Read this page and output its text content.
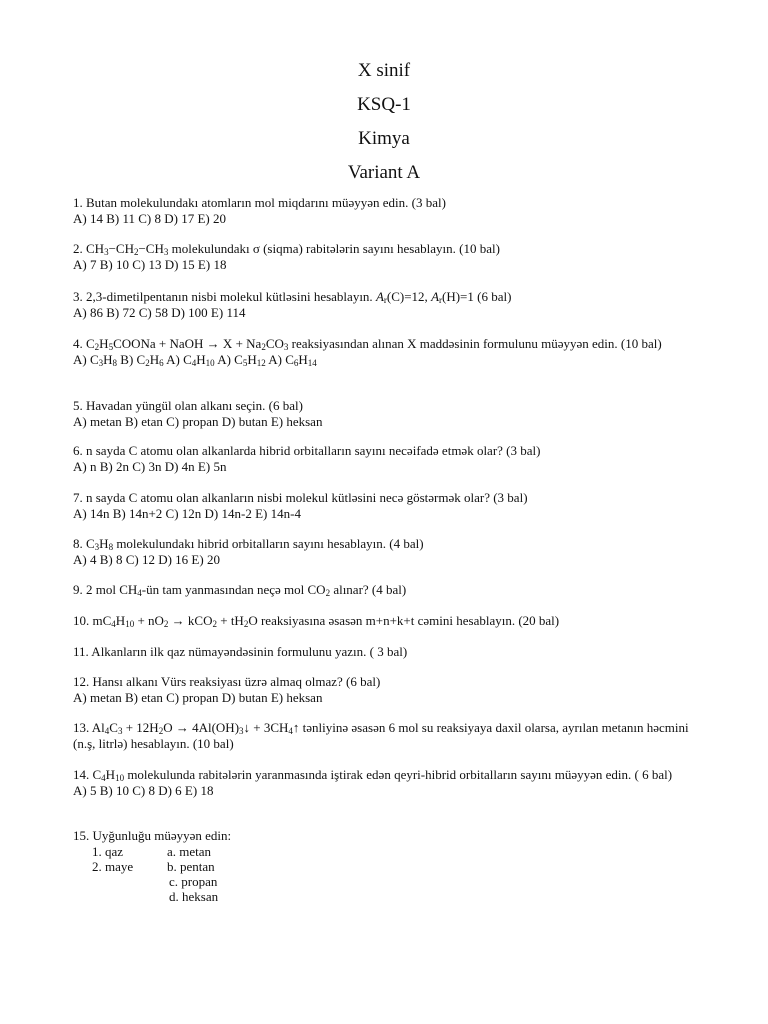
X sinif
KSQ-1
Kimya
Variant A
1. Butan molekulundakı atomların mol miqdarını müəyyən edin. (3 bal)
A) 14 B) 11 C) 8 D) 17 E) 20
2. $CH_3-CH_2-CH_3$ molekulundakı σ (siqma) rabitələrin sayını hesablayın. (10 bal)
A) 7 B) 10 C) 13 D) 15 E) 18
3. 2,3-dimetilpentanın nisbi molekul kütləsini hesablayın. $A_r(C)=12$, $A_r(H)=1$ (6 bal)
A) 86 B) 72 C) 58 D) 100 E) 114
4. $C_2H_5COONa$ + NaOH → $X + Na_2CO_3$ reaksiyasından alınan X maddəsinin formulunu müəyyən edin. (10 bal)
A) $C_3H_8$ B) $C_2H_6$ A) $C_4H_{10}$ A) $C_5H_{12}$ A) $C_6H_{14}$
5. Havadan yüngül olan alkanı seçin. (6 bal)
A) metan B) etan C) propan D) butan E) heksan
6. n sayda C atomu olan alkanlarda hibrid orbitalların sayını necəifadə etmək olar? (3 bal)
A) n B) 2n C) 3n D) 4n E) 5n
7. n sayda C atomu olan alkanların nisbi molekul kütləsini necə göstərmək olar? (3 bal)
A) 14n B) 14n+2 C) 12n D) 14n-2 E) 14n-4
8. $C_3H_8$ molekulundakı hibrid orbitalların sayını hesablayın. (4 bal)
A) 4 B) 8 C) 12 D) 16 E) 20
9. 2 mol $CH_4-ün$ tam yanmasından neçə mol $CO_2$ alınar? (4 bal)
10. $mC_4H_{10} + nO_2 \to kCO_2 + tH_2O$ reaksiyasına əsasən m+n+k+t cəmini hesablayın. (20 bal)
11. Alkanların ilk qaz nümayəndəsinin formulunu yazın. ( 3 bal)
12. Hansı alkanı Vürs reaksiyası üzrə almaq olmaz? (6 bal)
A) metan B) etan C) propan D) butan E) heksan
13. $Al_4C_3 + 12H_2O$ → $4Al(OH)_3↓$ + $3CH_4↑$ tənliyinə əsasən 6 mol su reaksiyaya daxil olarsa, ayrılan metanın həcmini (n.ş, litrlə) hesablayın. (10 bal)
14. $C_4H_{10}$ molekulunda rabitələrin yaranmasında iştirak edən qeyri-hibrid orbitalların sayını müəyyən edin. ( 6 bal)
A) 5 B) 10 C) 8 D) 6 E) 18
15. Uyğunluğu müəyyən edin:
1. qaz
2. maye
a. metan
b. pentan
c. propan
d. heksan
